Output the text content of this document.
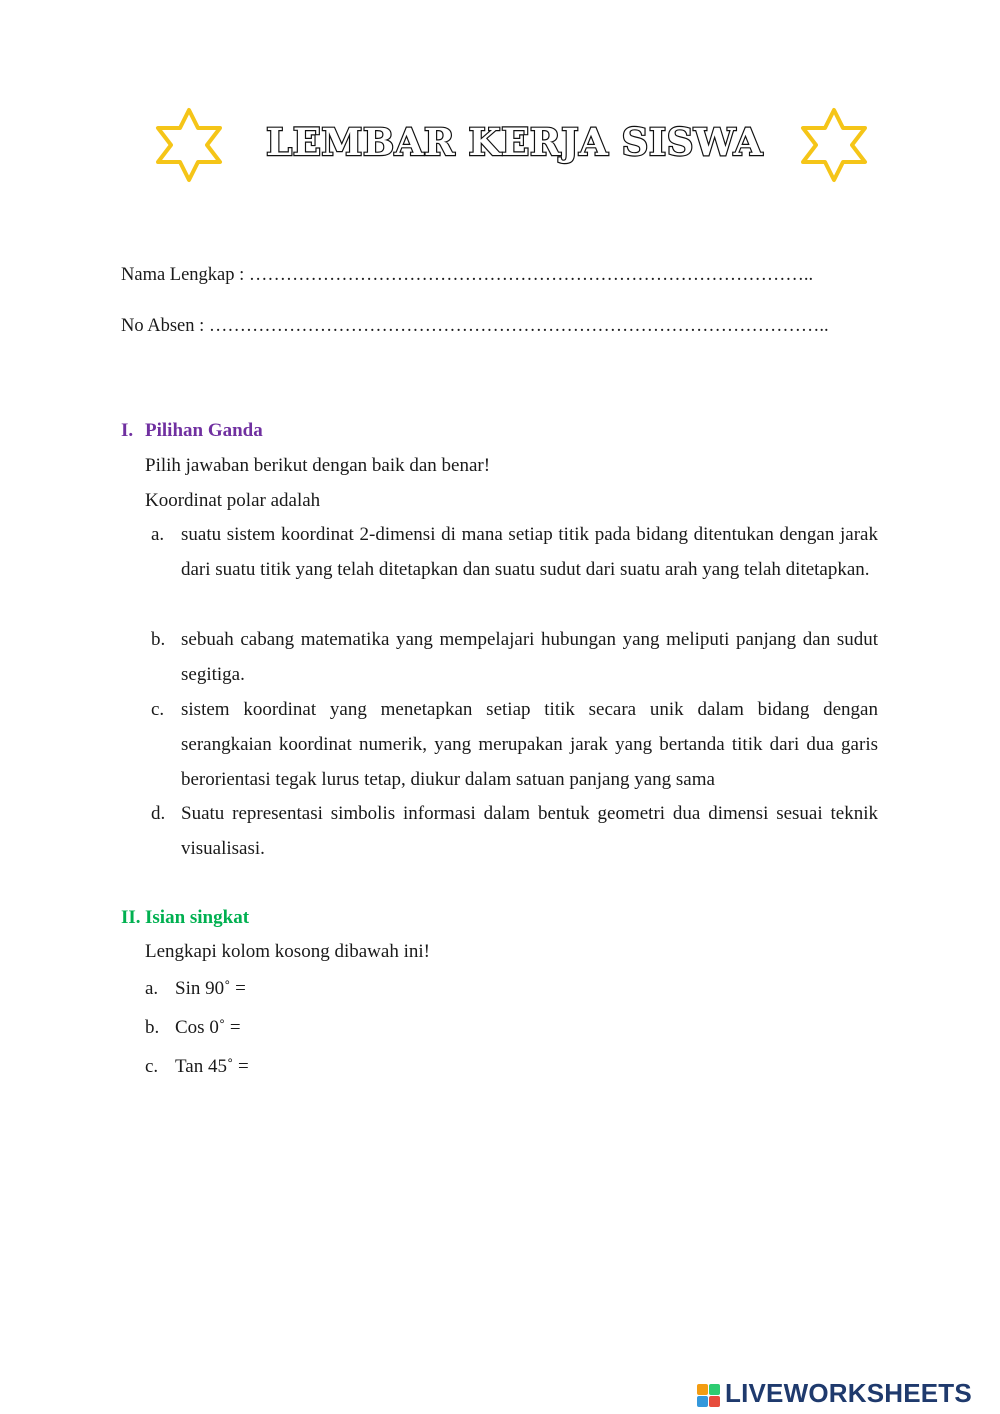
LEMBAR KERJA SISWA
Nama Lengkap : ………………………………………………………………………………..
No Absen : ………………………………………………………………………………………..
I. Pilihan Ganda
Pilih jawaban berikut dengan baik dan benar!
Koordinat polar adalah
a. suatu sistem koordinat 2-dimensi di mana setiap titik pada bidang ditentukan dengan jarak dari suatu titik yang telah ditetapkan dan suatu sudut dari suatu arah yang telah ditetapkan.
b. sebuah cabang matematika yang mempelajari hubungan yang meliputi panjang dan sudut segitiga.
c. sistem koordinat yang menetapkan setiap titik secara unik dalam bidang dengan serangkaian koordinat numerik, yang merupakan jarak yang bertanda titik dari dua garis berorientasi tegak lurus tetap, diukur dalam satuan panjang yang sama
d. Suatu representasi simbolis informasi dalam bentuk geometri dua dimensi sesuai teknik visualisasi.
II. Isian singkat
Lengkapi kolom kosong dibawah ini!
a. Sin 90˚ =
b. Cos 0˚ =
c. Tan 45˚ =
LIVEWORKSHEETS
